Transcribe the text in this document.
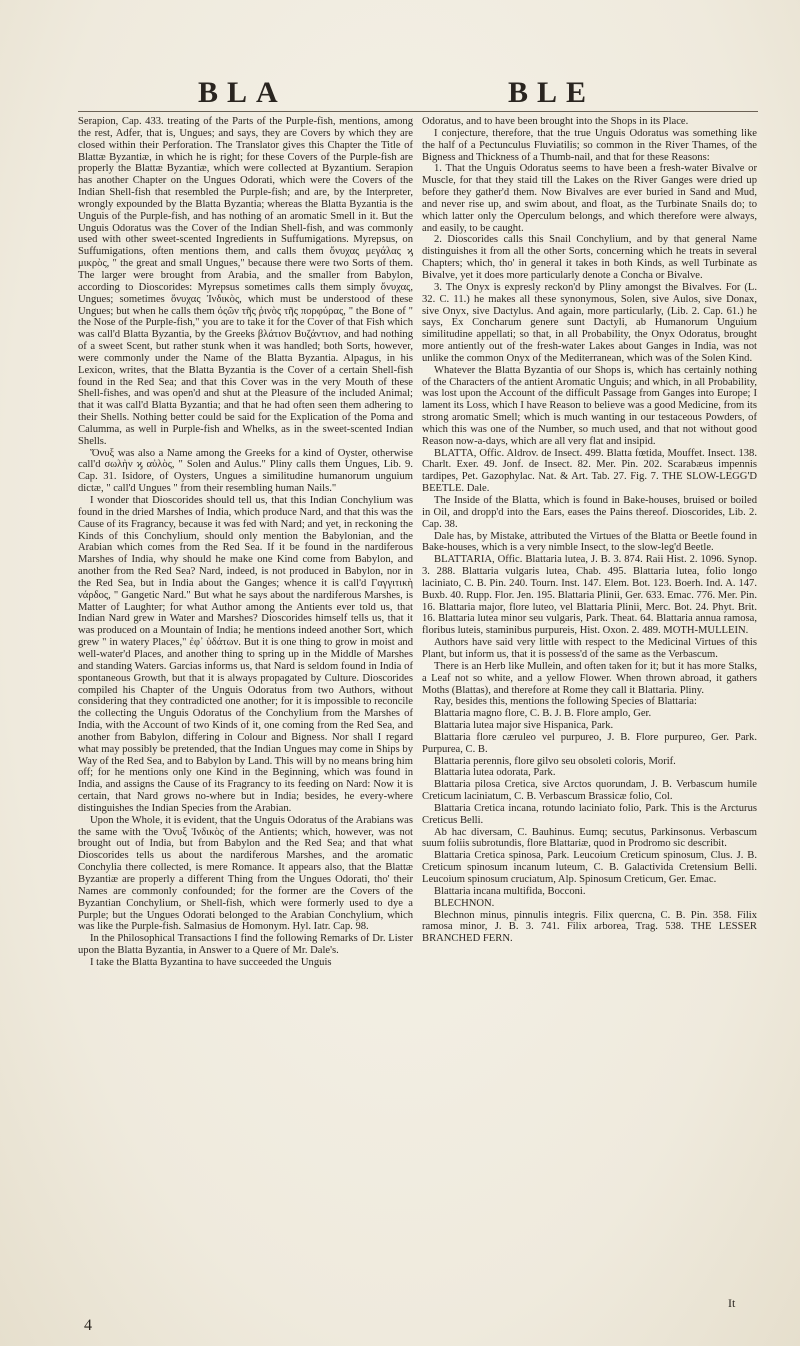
BLA	BLE

Serapion, Cap. 433. treating of the Parts of the Purple-fish, mentions, among the rest, Adfer, that is, Ungues; and says, they are Covers by which they are closed within their Perforation. The Translator gives this Chapter the Title of Blattæ Byzantiæ, in which he is right; for these Covers of the Purple-fish are properly the Blattæ Byzantiæ, which were collected at Byzantium. Serapion has another Chapter on the Ungues Odorati, which were the Covers of the Indian Shell-fish that resembled the Purple-fish; and are, by the Interpreter, wrongly expounded by the Blatta Byzantia; whereas the Blatta Byzantia is the Unguis of the Purple-fish, and has nothing of an aromatic Smell in it. But the Unguis Odoratus was the Cover of the Indian Shell-fish, and was commonly used with other sweet-scented Ingredients in Suffumigations. Myrepsus, on Suffumigations, often mentions them, and calls them ὄνυχας μεγάλας ϗ μικρὸς, " the great and small Ungues," because there were two Sorts of them. The larger were brought from Arabia, and the smaller from Babylon, according to Dioscorides: Myrepsus sometimes calls them simply ὄνυχας, Ungues; sometimes ὄνυχας Ἰνδικὸς, which must be understood of these Ungues; but when he calls them ὀςῶν τῆς ῥινὸς τῆς πορφύρας, " the Bone of " the Nose of the Purple-fish," you are to take it for the Cover of that Fish which was call'd Blatta Byzantia, by the Greeks βλάτιον Βυζάντιον, and had nothing of a sweet Scent, but rather stunk when it was handled; both Sorts, however, were commonly under the Name of the Blatta Byzantia. Alpagus, in his Lexicon, writes, that the Blatta Byzantia is the Cover of a certain Shell-fish found in the Red Sea; and that this Cover was in the very Mouth of these Shell-fishes, and was open'd and shut at the Pleasure of the included Animal; that it was call'd Blatta Byzantia; and that he had often seen them adhering to their Shells. Nothing better could be said for the Explication of the Poma and Calumma, as well in Purple-fish and Whelks, as in the sweet-scented Indian Shells.

Ὄνυξ was also a Name among the Greeks for a kind of Oyster, otherwise call'd σωλὴν ϗ αὐλὸς, " Solen and Aulus." Pliny calls them Ungues, Lib. 9. Cap. 31. Isidore, of Oysters, Ungues a similitudine humanorum unguium dictæ, " call'd Ungues " from their resembling human Nails."

I wonder that Dioscorides should tell us, that this Indian Conchylium was found in the dried Marshes of India, which produce Nard, and that this was the Cause of its Fragrancy, because it was fed with Nard; and yet, in reckoning the Kinds of this Conchylium, should only mention the Babylonian, and the Arabian which comes from the Red Sea. If it be found in the nardiferous Marshes of India, why should he make one Kind come from Babylon, and another from the Red Sea? Nard, indeed, is not produced in Babylon, nor in the Red Sea, but in India about the Ganges; whence it is call'd Γαγγιτικὴ νάρδος, " Gangetic Nard." But what he says about the nardiferous Marshes, is Matter of Laughter; for what Author among the Antients ever told us, that Indian Nard grew in Water and Marshes? Dioscorides himself tells us, that it was produced on a Mountain of India; he mentions indeed another Sort, which grew " in watery Places," ἐφ᾽ ὑδάτων. But it is one thing to grow in moist and well-water'd Places, and another thing to spring up in the Middle of Marshes and standing Waters. Garcias informs us, that Nard is seldom found in India of spontaneous Growth, but that it is always propagated by Culture. Dioscorides compiled his Chapter of the Unguis Odoratus from two Authors, without considering that they contradicted one another; for it is impossible to reconcile the collecting the Unguis Odoratus of the Conchylium from the Marshes of India, with the Account of two Kinds of it, one coming from the Red Sea, and another from Babylon, differing in Colour and Bigness. Nor shall I regard what may possibly be pretended, that the Indian Ungues may come in Ships by Way of the Red Sea, and to Babylon by Land. This will by no means bring him off; for he mentions only one Kind in the Beginning, which was found in India, and assigns the Cause of its Fragrancy to its feeding on Nard: Now it is certain, that Nard grows no-where but in India; besides, he every-where distinguishes the Indian Species from the Arabian.

Upon the Whole, it is evident, that the Unguis Odoratus of the Arabians was the same with the Ὄνυξ Ἰνδικὸς of the Antients; which, however, was not brought out of India, but from Babylon and the Red Sea; and that what Dioscorides tells us about the nardiferous Marshes, and the aromatic Conchylia there collected, is mere Romance. It appears also, that the Blattæ Byzantiæ are properly a different Thing from the Ungues Odorati, tho' their Names are commonly confounded; for the former are the Covers of the Byzantian Conchylium, or Shell-fish, which were formerly used to dye a Purple; but the Ungues Odorati belonged to the Arabian Conchylium, which was like the Purple-fish. Salmasius de Homonym. Hyl. Iatr. Cap. 98.

In the Philosophical Transactions I find the following Remarks of Dr. Lister upon the Blatta Byzantia, in Answer to a Quere of Mr. Dale's.

I take the Blatta Byzantina to have succeeded the Unguis

Odoratus, and to have been brought into the Shops in its Place.

I conjecture, therefore, that the true Unguis Odoratus was something like the half of a Pectunculus Fluviatilis; so common in the River Thames, of the Bigness and Thickness of a Thumb-nail, and that for these Reasons:

1. That the Unguis Odoratus seems to have been a fresh-water Bivalve or Muscle, for that they staid till the Lakes on the River Ganges were dried up before they gather'd them. Now Bivalves are ever buried in Sand and Mud, and never rise up, and swim about, and float, as the Turbinate Snails do; to which latter only the Operculum belongs, and which therefore were always, and easily, to be caught.

2. Dioscorides calls this Snail Conchylium, and by that general Name distinguishes it from all the other Sorts, concerning which he treats in several Chapters; which, tho' in general it takes in both Kinds, as well Turbinate as Bivalve, yet it does more particularly denote a Concha or Bivalve.

3. The Onyx is expresly reckon'd by Pliny amongst the Bivalves. For (L. 32. C. 11.) he makes all these synonymous, Solen, sive Aulos, sive Donax, sive Onyx, sive Dactylus. And again, more particularly, (Lib. 2. Cap. 61.) he says, Ex Concharum genere sunt Dactyli, ab Humanorum Unguium similitudine appellati; so that, in all Probability, the Onyx Odoratus, brought more antiently out of the fresh-water Lakes about Ganges in India, was not unlike the common Onyx of the Mediterranean, which was of the Solen Kind.

Whatever the Blatta Byzantia of our Shops is, which has certainly nothing of the Characters of the antient Aromatic Unguis; and which, in all Probability, was lost upon the Account of the difficult Passage from Ganges into Europe; I lament its Loss, which I have Reason to believe was a good Medicine, from its strong aromatic Smell; which is much wanting in our testaceous Powders, of which this was one of the Number, so much used, and that not without good Reason now-a-days, which are all very flat and insipid.

BLATTA, Offic. Aldrov. de Insect. 499. Blatta fœtida, Mouffet. Insect. 138. Charlt. Exer. 49. Jonf. de Insect. 82. Mer. Pin. 202. Scarabæus impennis tardipes, Pet. Gazophylac. Nat. & Art. Tab. 27. Fig. 7. THE SLOW-LEGG'D BEETLE. Dale.

The Inside of the Blatta, which is found in Bake-houses, bruised or boiled in Oil, and dropp'd into the Ears, eases the Pains thereof. Dioscorides, Lib. 2. Cap. 38.

Dale has, by Mistake, attributed the Virtues of the Blatta or Beetle found in Bake-houses, which is a very nimble Insect, to the slow-leg'd Beetle.

BLATTARIA, Offic. Blattaria lutea, J. B. 3. 874. Raii Hist. 2. 1096. Synop. 3. 288. Blattaria vulgaris lutea, Chab. 495. Blattaria lutea, folio longo laciniato, C. B. Pin. 240. Tourn. Inst. 147. Elem. Bot. 123. Boerh. Ind. A. 147. Buxb. 40. Rupp. Flor. Jen. 195. Blattaria Plinii, Ger. 633. Emac. 776. Mer. Pin. 16. Blattaria major, flore luteo, vel Blattaria Plinii, Merc. Bot. 24. Phyt. Brit. 16. Blattaria lutea minor seu vulgaris, Park. Theat. 64. Blattaria annua ramosa, floribus luteis, staminibus purpureis, Hist. Oxon. 2. 489. MOTH-MULLEIN.

Authors have said very little with respect to the Medicinal Virtues of this Plant, but inform us, that it is possess'd of the same as the Verbascum.

There is an Herb like Mullein, and often taken for it; but it has more Stalks, a Leaf not so white, and a yellow Flower. When thrown abroad, it gathers Moths (Blattas), and therefore at Rome they call it Blattaria. Pliny.

Ray, besides this, mentions the following Species of Blattaria:

Blattaria magno flore, C. B. J. B. Flore amplo, Ger.

Blattaria lutea major sive Hispanica, Park.

Blattaria flore cæruleo vel purpureo, J. B. Flore purpureo, Ger. Park. Purpurea, C. B.

Blattaria perennis, flore gilvo seu obsoleti coloris, Morif.

Blattaria lutea odorata, Park.

Blattaria pilosa Cretica, sive Arctos quorundam, J. B. Verbascum humile Creticum laciniatum, C. B. Verbascum Brassicæ folio, Col.

Blattaria Cretica incana, rotundo laciniato folio, Park. This is the Arcturus Creticus Belli.

Ab hac diversam, C. Bauhinus. Eumq; secutus, Parkinsonus. Verbascum suum foliis subrotundis, flore Blattariæ, quod in Prodromo sic describit.

Blattaria Cretica spinosa, Park. Leucoium Creticum spinosum, Clus. J. B. Creticum spinosum incanum luteum, C. B. Galactivida Cretensium Belli. Leucoium spinosum cruciatum, Alp. Spinosum Creticum, Ger. Emac.

Blattaria incana multifida, Bocconi.

BLECHNON.

Blechnon minus, pinnulis integris. Filix quercna, C. B. Pin. 358. Filix ramosa minor, J. B. 3. 741. Filix arborea, Trag. 538. THE LESSER BRANCHED FERN.

It
4
